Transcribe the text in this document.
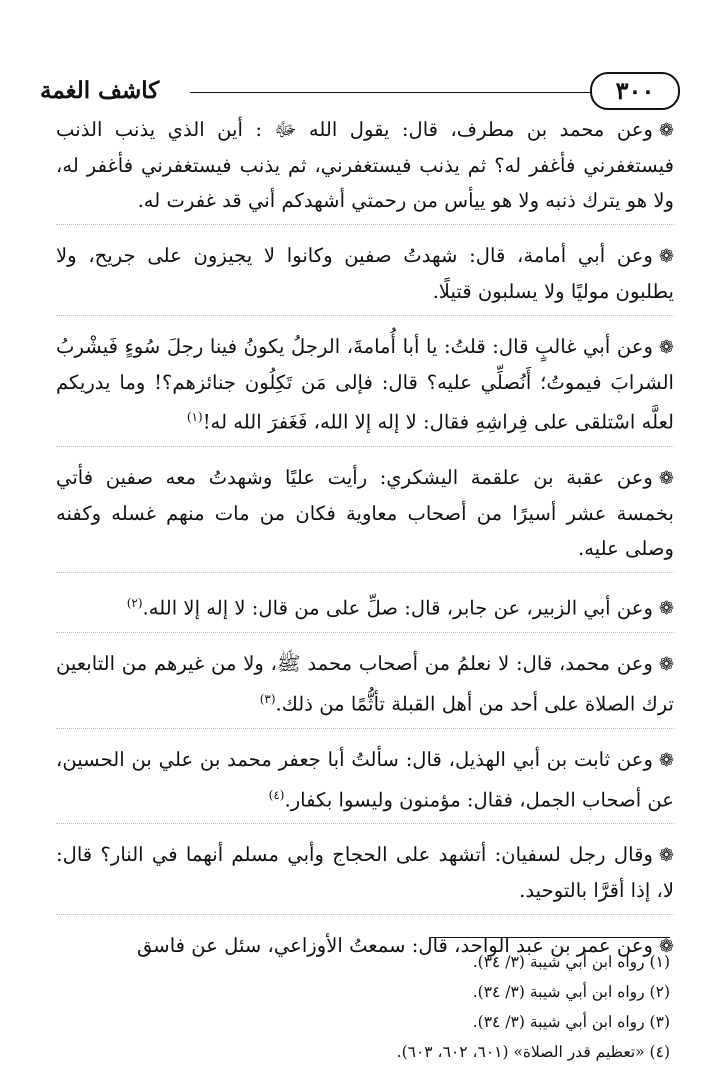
٣٠٠
كاشف الغمة

❁وعن محمد بن مطرف، قال: يقول الله ﷻ : أين الذي يذنب الذنب فيستغفرني فأغفر له؟ ثم يذنب فيستغفرني، ثم يذنب فيستغفرني فأغفر له، ولا هو يترك ذنبه ولا هو ييأس من رحمتي أشهدكم أني قد غفرت له.

❁وعن أبي أمامة، قال: شهدتُ صفين وكانوا لا يجيزون على جريح، ولا يطلبون موليًا ولا يسلبون قتيلًا.

❁وعن أبي غالبٍ قال: قلتُ: يا أبا أُمامةَ، الرجلُ يكونُ فينا رجلَ سُوءٍ فَيشْربُ الشرابَ فيموتُ؛ أَنُصلِّي عليه؟ قال: فإلى مَن تَكِلُون جنائزهم؟! وما يدريكم لعلَّه اسْتلقى على فِراشِهِ فقال: لا إله إلا الله، فَغَفرَ الله له!$^{(١)}$

❁وعن عقبة بن علقمة اليشكري: رأيت عليًا وشهدتُ معه صفين فأتي بخمسة عشر أسيرًا من أصحاب معاوية فكان من مات منهم غسله وكفنه وصلى عليه.

❁وعن أبي الزبير، عن جابر، قال: صلِّ على من قال: لا إله إلا الله.$^{(٢)}$

❁وعن محمد، قال: لا نعلمُ من أصحاب محمد ﷺ، ولا من غيرهم من التابعين ترك الصلاة على أحد من أهل القبلة تأثُّمًا من ذلك.$^{(٣)}$

❁وعن ثابت بن أبي الهذيل، قال: سألتُ أبا جعفر محمد بن علي بن الحسين، عن أصحاب الجمل، فقال: مؤمنون وليسوا بكفار.$^{(٤)}$

❁وقال رجل لسفيان: أتشهد على الحجاج وأبي مسلم أنهما في النار؟ قال: لا، إذا أقرَّا بالتوحيد.

❁وعن عمر بن عبد الواحد، قال: سمعتُ الأوزاعي، سئل عن فاسق

(١) رواه ابن أبي شيبة (٣/ ٣٤).

(٢) رواه ابن أبي شيبة (٣/ ٣٤).

(٣) رواه ابن أبي شيبة (٣/ ٣٤).

(٤) «تعظيم قدر الصلاة» (٦٠١، ٦٠٢، ٦٠٣).
